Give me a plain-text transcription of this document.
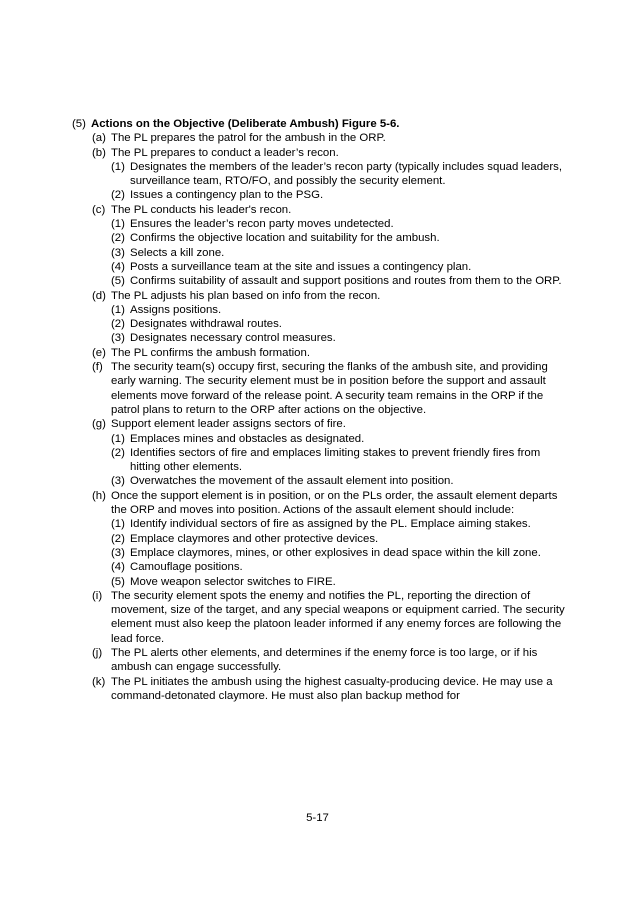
(5) Actions on the Objective (Deliberate Ambush) Figure 5-6.
(a) The PL prepares the patrol for the ambush in the ORP.
(b) The PL prepares to conduct a leader’s recon.
(1) Designates the members of the leader’s recon party (typically includes squad leaders, surveillance team, RTO/FO, and possibly the security element.
(2) Issues a contingency plan to the PSG.
(c) The PL conducts his leader's recon.
(1) Ensures the leader’s recon party moves undetected.
(2) Confirms the objective location and suitability for the ambush.
(3) Selects a kill zone.
(4) Posts a surveillance team at the site and issues a contingency plan.
(5) Confirms suitability of assault and support positions and routes from them to the ORP.
(d) The PL adjusts his plan based on info from the recon.
(1) Assigns positions.
(2) Designates withdrawal routes.
(3) Designates necessary control measures.
(e) The PL confirms the ambush formation.
(f) The security team(s) occupy first, securing the flanks of the ambush site, and providing early warning. The security element must be in position before the support and assault elements move forward of the release point. A security team remains in the ORP if the patrol plans to return to the ORP after actions on the objective.
(g) Support element leader assigns sectors of fire.
(1) Emplaces mines and obstacles as designated.
(2) Identifies sectors of fire and emplaces limiting stakes to prevent friendly fires from hitting other elements.
(3) Overwatches the movement of the assault element into position.
(h) Once the support element is in position, or on the PLs order, the assault element departs the ORP and moves into position. Actions of the assault element should include:
(1) Identify individual sectors of fire as assigned by the PL. Emplace aiming stakes.
(2) Emplace claymores and other protective devices.
(3) Emplace claymores, mines, or other explosives in dead space within the kill zone.
(4) Camouflage positions.
(5) Move weapon selector switches to FIRE.
(i) The security element spots the enemy and notifies the PL, reporting the direction of movement, size of the target, and any special weapons or equipment carried. The security element must also keep the platoon leader informed if any enemy forces are following the lead force.
(j) The PL alerts other elements, and determines if the enemy force is too large, or if his ambush can engage successfully.
(k) The PL initiates the ambush using the highest casualty-producing device. He may use a command-detonated claymore. He must also plan backup method for
5-17
